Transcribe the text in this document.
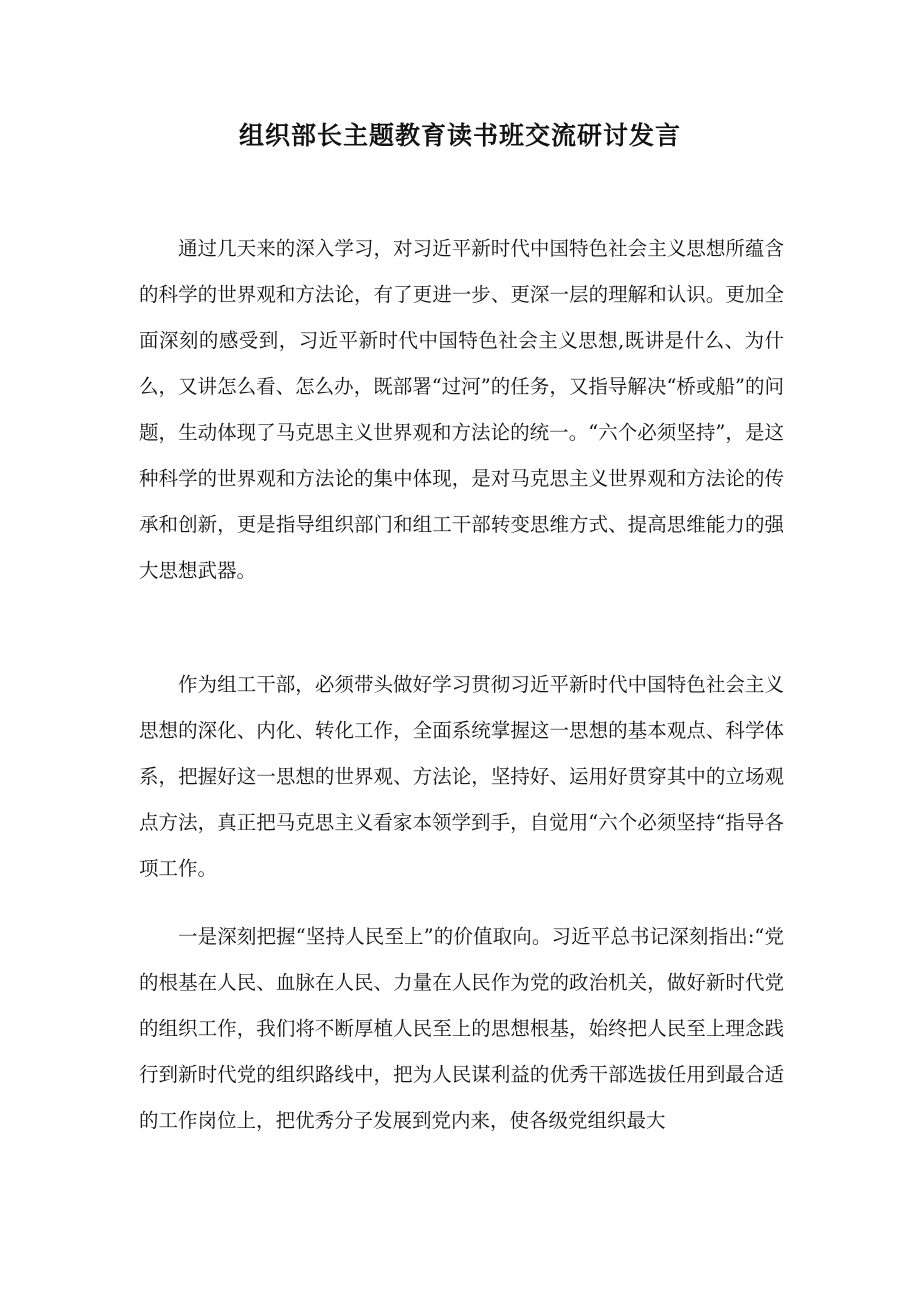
组织部长主题教育读书班交流研讨发言

通过几天来的深入学习，对习近平新时代中国特色社会主义思想所蕴含的科学的世界观和方法论，有了更进一步、更深一层的理解和认识。更加全面深刻的感受到，习近平新时代中国特色社会主义思想,既讲是什么、为什么，又讲怎么看、怎么办，既部署“过河”的任务，又指导解决“桥或船”的问题，生动体现了马克思主义世界观和方法论的统一。“六个必须坚持”，是这种科学的世界观和方法论的集中体现，是对马克思主义世界观和方法论的传承和创新，更是指导组织部门和组工干部转变思维方式、提高思维能力的强大思想武器。

作为组工干部，必须带头做好学习贯彻习近平新时代中国特色社会主义思想的深化、内化、转化工作，全面系统掌握这一思想的基本观点、科学体系，把握好这一思想的世界观、方法论，坚持好、运用好贯穿其中的立场观点方法，真正把马克思主义看家本领学到手，自觉用“六个必须坚持“指导各项工作。

一是深刻把握“坚持人民至上”的价值取向。习近平总书记深刻指出:“党的根基在人民、血脉在人民、力量在人民作为党的政治机关，做好新时代党的组织工作，我们将不断厚植人民至上的思想根基，始终把人民至上理念践行到新时代党的组织路线中，把为人民谋利益的优秀干部选拔任用到最合适的工作岗位上，把优秀分子发展到党内来，使各级党组织最大
